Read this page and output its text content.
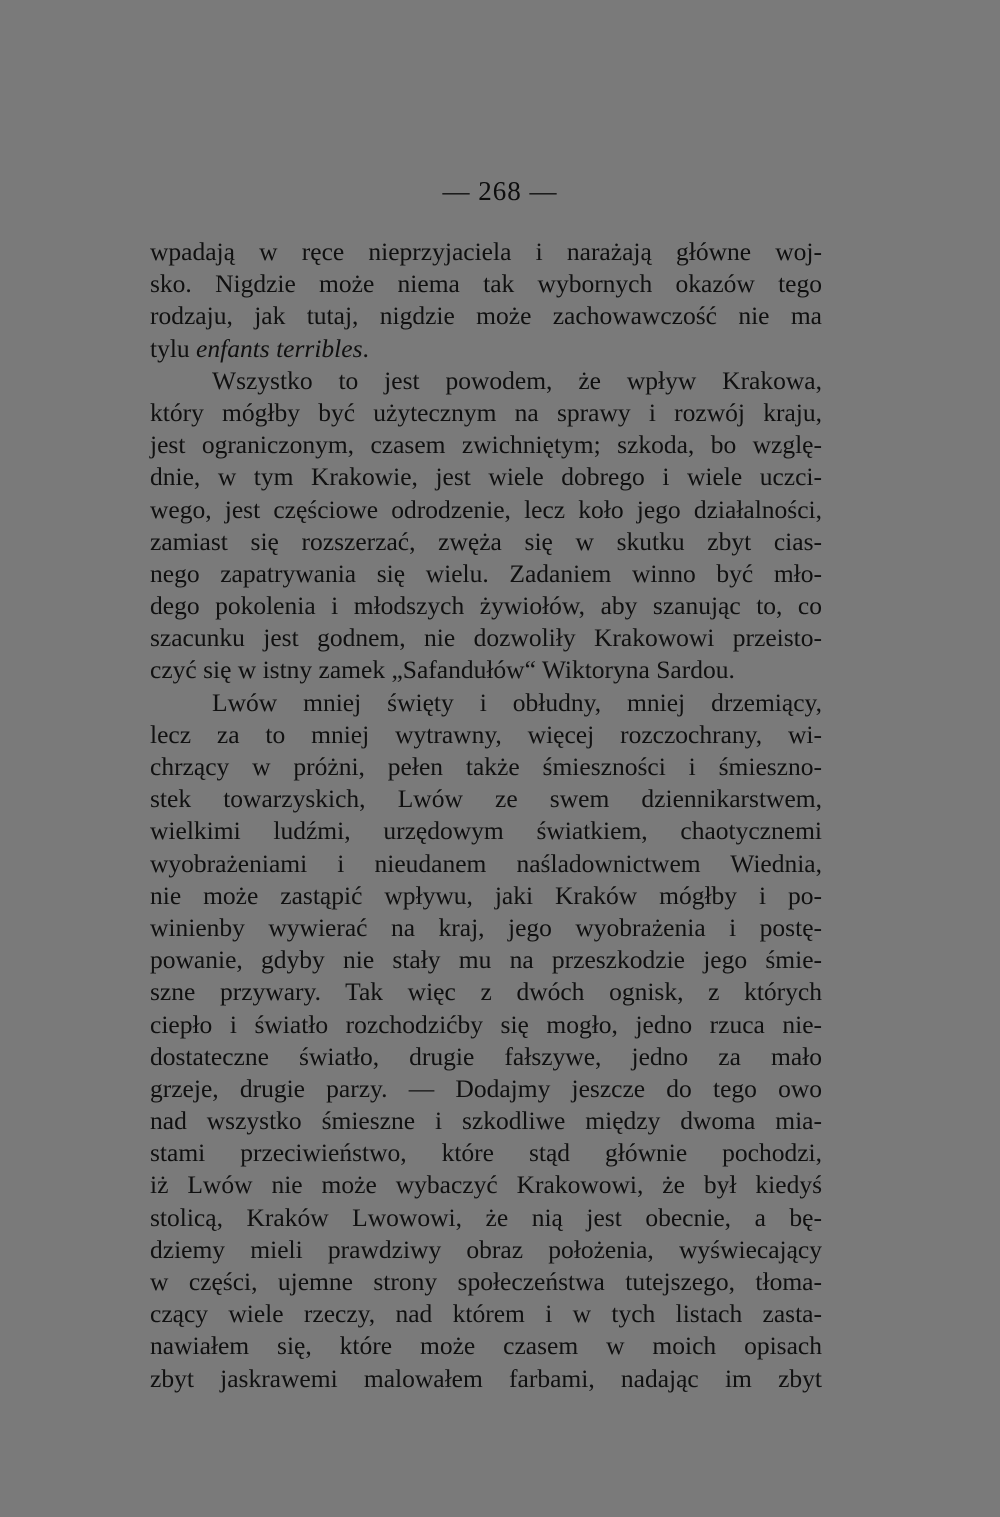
— 268 —
wpadają w ręce nieprzyjaciela i narażają główne woj-
sko. Nigdzie może niema tak wybornych okazów tego
rodzaju, jak tutaj, nigdzie może zachowawczość nie ma
tylu enfants terribles.
Wszystko to jest powodem, że wpływ Krakowa,
który mógłby być użytecznym na sprawy i rozwój kraju,
jest ograniczonym, czasem zwichniętym; szkoda, bo wzglę-
dnie, w tym Krakowie, jest wiele dobrego i wiele uczci-
wego, jest częściowe odrodzenie, lecz koło jego działalności,
zamiast się rozszerzać, zwęża się w skutku zbyt cias-
nego zapatrywania się wielu. Zadaniem winno być mło-
dego pokolenia i młodszych żywiołów, aby szanując to, co
szacunku jest godnem, nie dozwoliły Krakowowi przeisto-
czyć się w istny zamek „Safandułów“ Wiktoryna Sardou.
Lwów mniej święty i obłudny, mniej drzemiący,
lecz za to mniej wytrawny, więcej rozczochrany, wi-
chrzący w próżni, pełen także śmieszności i śmieszno-
stek towarzyskich, Lwów ze swem dziennikarstwem,
wielkimi ludźmi, urzędowym światkiem, chaotycznemi
wyobrażeniami i nieudanem naśladownictwem Wiednia,
nie może zastąpić wpływu, jaki Kraków mógłby i po-
winienby wywierać na kraj, jego wyobrażenia i postę-
powanie, gdyby nie stały mu na przeszkodzie jego śmie-
szne przywary. Tak więc z dwóch ognisk, z których
ciepło i światło rozchodzićby się mogło, jedno rzuca nie-
dostateczne światło, drugie fałszywe, jedno za mało
grzeje, drugie parzy. — Dodajmy jeszcze do tego owo
nad wszystko śmieszne i szkodliwe między dwoma mia-
stami przeciwieństwo, które stąd głównie pochodzi,
iż Lwów nie może wybaczyć Krakowowi, że był kiedyś
stolicą, Kraków Lwowowi, że nią jest obecnie, a bę-
dziemy mieli prawdziwy obraz położenia, wyświecający
w części, ujemne strony społeczeństwa tutejszego, tłoma-
czący wiele rzeczy, nad którem i w tych listach zasta-
nawiałem się, które może czasem w moich opisach
zbyt jaskrawemi malowałem farbami, nadając im zbyt
